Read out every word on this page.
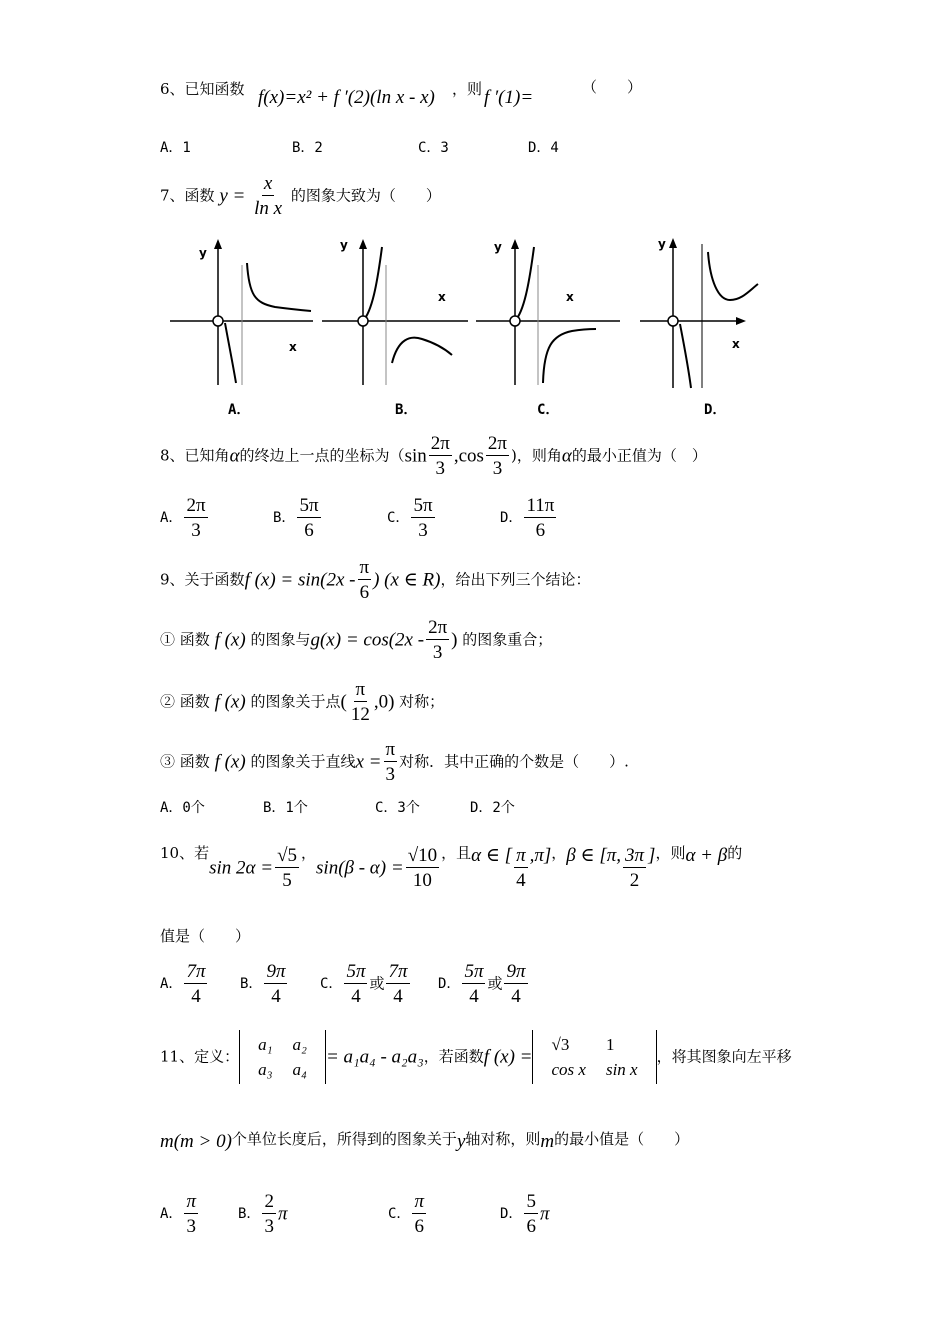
6、已知函数 f(x)=x² + f ′(2)(ln x - x) ，则 f ′(1)=	（　　）
A．1	B．2	C．3	D．4
7、函数 $y = \frac{x}{\text{ln x}}$ 的图象大致为（　　）
y
x
y
x
y
x
y
x
A．	B．	C．	D．
8、已知角α的终边上一点的坐标为（$\sin \frac{2\pi}{3} ,\cos \frac{2\pi}{3}$ )，则角α的最小正值为（　）
A． $\frac{2\pi}{3}$	B． $\frac{5\pi}{6}$	C． $\frac{5\pi}{3}$	D． $\frac{11\pi}{6}$
9、关于函数f $(x) = \sin(2x - \frac{\pi}{6}$ ) (x ∈ R)，给出下列三个结论：
① 函数 f (x) 的图象与$g(x) = \cos(2x - \frac{2\pi}{3}$ ) 的图象重合；
② 函数 f (x) 的图象关于点( $\frac{\pi}{12} ,0$) 对称；
③ 函数 f (x) 的图象关于直线$x = \frac{\pi}{3}$ 对称．其中正确的个数是（　　）.
A．0个	B．1个	C．3个	D．2个
10、若$\sin 2\alpha = \frac{√5}{5}$ ，$\sin(\beta - \alpha) = \frac{√10}{10}$ ，且α ∈ [ $\frac{\pi}{4} ,\pi$]，β ∈ [π, $\frac{3\pi}{2}$ ]，则α + β的
值是（　　）
A． $\frac{7\pi}{4}$ B． $\frac{9\pi}{4}$ C． $\frac{5\pi}{4}$ 或 $\frac{7\pi}{4}$ D． $\frac{5\pi}{4}$ 或 $\frac{9\pi}{4}$
11、定义：
a₁	a₂
a₃	a₄
= a₁a₄ - a₂a₃，若函数f (x) =
√3	1
cos x	sin x
，将其图象向左平移
m(m > 0)个单位长度后，所得到的图象关于y轴对称，则m的最小值是（　　）
A． $\frac{\pi}{3}$	B． $\frac{2}{3}$ π	C． $\frac{\pi}{6}$	D． $\frac{5}{6}$ π
